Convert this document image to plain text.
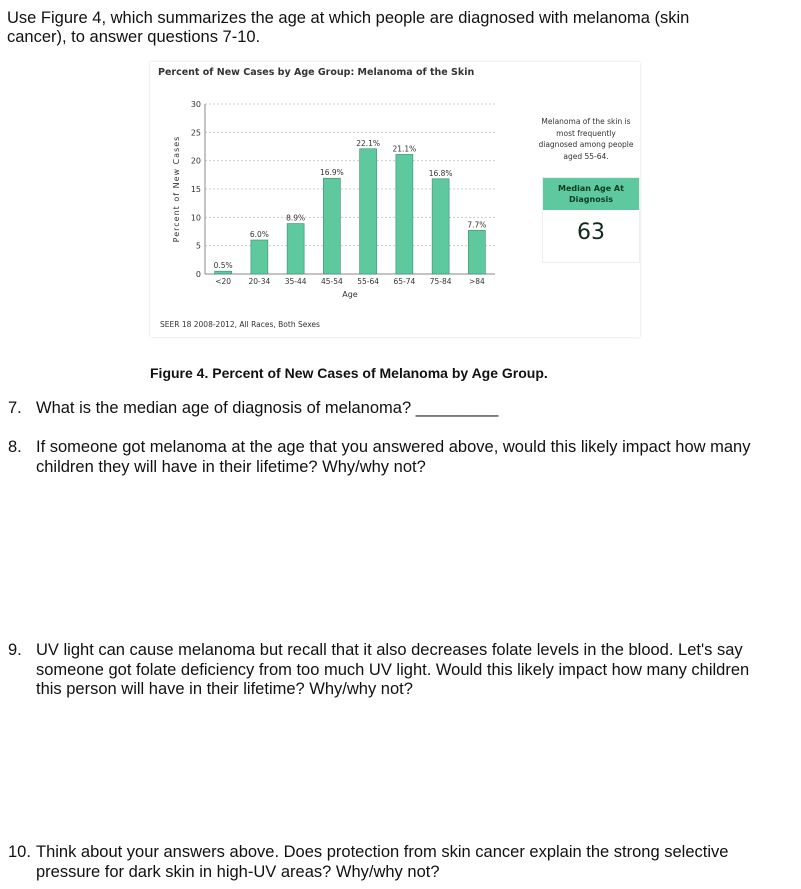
Use Figure 4, which summarizes the age at which people are diagnosed with melanoma (skin
cancer), to answer questions 7-10.
Percent of New Cases by Age Group: Melanoma of the Skin
0
5
10
15
20
25
30
0.5%
<20
6.0%
20-34
8.9%
35-44
16.9%
45-54
22.1%
55-64
21.1%
65-74
16.8%
75-84
7.7%
>84
Age
Percent of New Cases
Melanoma of the skin is most frequently diagnosed among people aged 55-64.
Median Age At Diagnosis
63
SEER 18 2008-2012, All Races, Both Sexes
Figure 4. Percent of New Cases of Melanoma by Age Group.
7. What is the median age of diagnosis of melanoma? _________
8. If someone got melanoma at the age that you answered above, would this likely impact how many
children they will have in their lifetime? Why/why not?
9. UV light can cause melanoma but recall that it also decreases folate levels in the blood. Let's say
someone got folate deficiency from too much UV light. Would this likely impact how many children
this person will have in their lifetime? Why/why not?
10. Think about your answers above. Does protection from skin cancer explain the strong selective
pressure for dark skin in high-UV areas? Why/why not?
